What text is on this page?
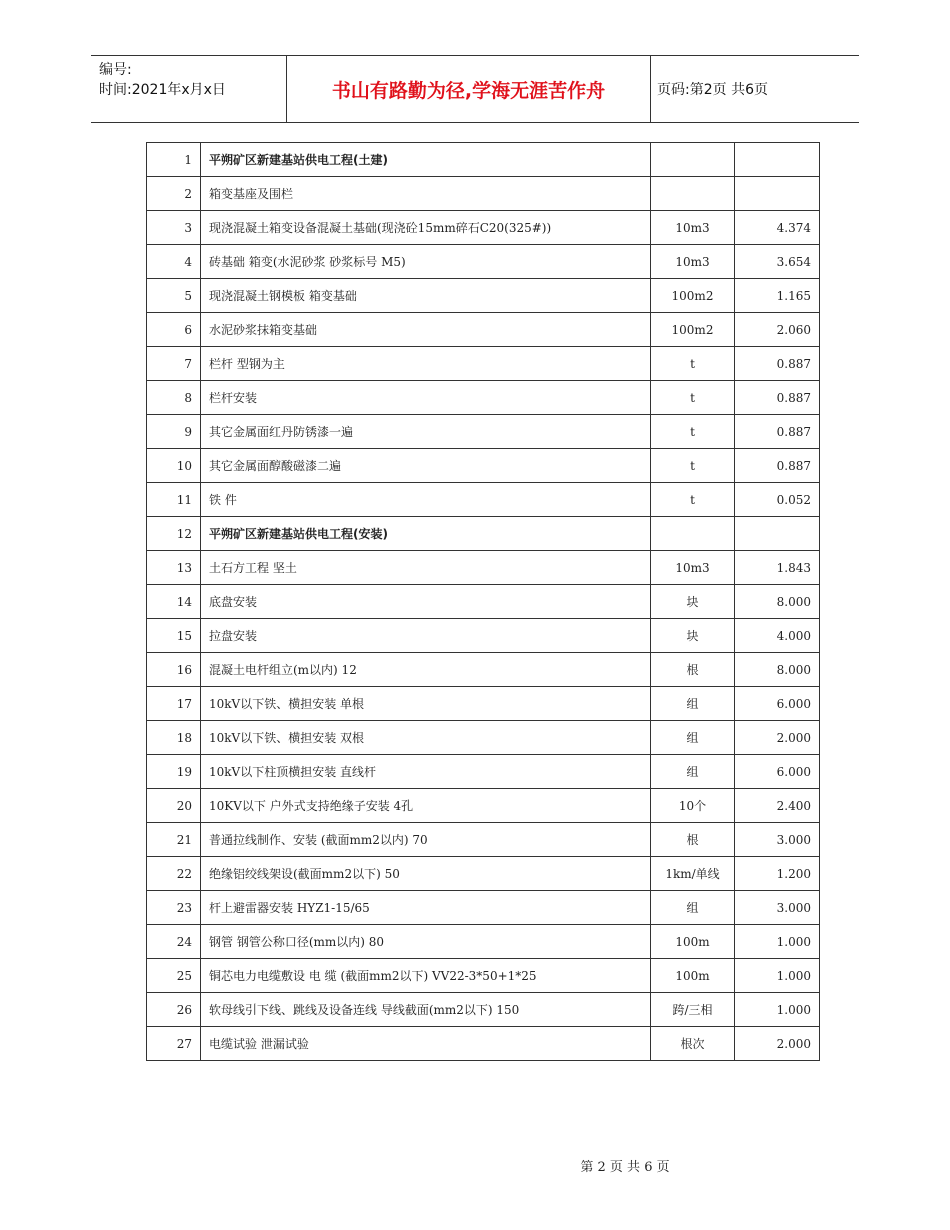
编号:
时间:2021年x月x日	书山有路勤为径,学海无涯苦作舟	页码:第2页 共6页
1	平朔矿区新建基站供电工程(土建)		
2	箱变基座及围栏		
3	现浇混凝土箱变设备混凝土基础(现浇砼15mm碎石C20(325#))	10m3	4.374
4	砖基础 箱变(水泥砂浆 砂浆标号 M5)	10m3	3.654
5	现浇混凝土钢模板 箱变基础	100m2	1.165
6	水泥砂浆抹箱变基础	100m2	2.060
7	栏杆 型钢为主	t	0.887
8	栏杆安装	t	0.887
9	其它金属面红丹防锈漆一遍	t	0.887
10	其它金属面醇酸磁漆二遍	t	0.887
11	铁 件	t	0.052
12	平朔矿区新建基站供电工程(安装)		
13	土石方工程 坚土	10m3	1.843
14	底盘安装	块	8.000
15	拉盘安装	块	4.000
16	混凝土电杆组立(m以内) 12	根	8.000
17	10kV以下铁、横担安装 单根	组	6.000
18	10kV以下铁、横担安装 双根	组	2.000
19	10kV以下柱顶横担安装 直线杆	组	6.000
20	10KV以下 户外式支持绝缘子安装 4孔	10个	2.400
21	普通拉线制作、安装 (截面mm2以内) 70	根	3.000
22	绝缘铝绞线架设(截面mm2以下) 50	1km/单线	1.200
23	杆上避雷器安装 HYZ1-15/65	组	3.000
24	钢管 钢管公称口径(mm以内) 80	100m	1.000
25	铜芯电力电缆敷设 电 缆 (截面mm2以下) VV22-3*50+1*25	100m	1.000
26	软母线引下线、跳线及设备连线 导线截面(mm2以下) 150	跨/三相	1.000
27	电缆试验 泄漏试验	根次	2.000
第 2 页 共 6 页
